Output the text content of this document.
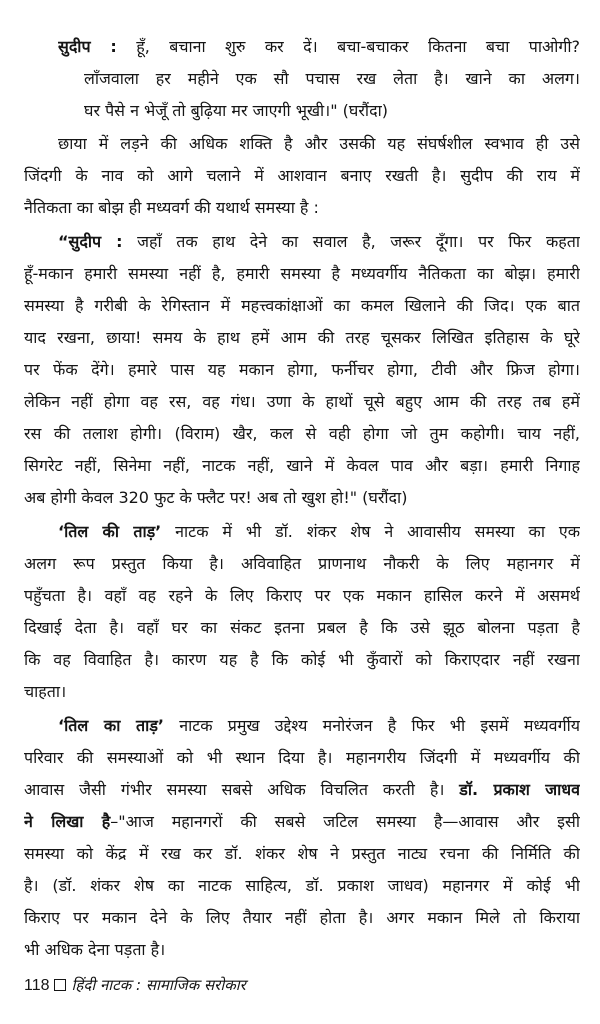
सुदीप : हूँ, बचाना शुरु कर दें। बचा-बचाकर कितना बचा पाओगी?
लाँजवाला हर महीने एक सौ पचास रख लेता है। खाने का अलग।
घर पैसे न भेजूँ तो बुढ़िया मर जाएगी भूखी।" (घरौंदा)
छाया में लड़ने की अधिक शक्ति है और उसकी यह संघर्षशील स्वभाव ही उसे
जिंदगी के नाव को आगे चलाने में आशवान बनाए रखती है। सुदीप की राय में
नैतिकता का बोझ ही मध्यवर्ग की यथार्थ समस्या है :
“सुदीप : जहाँ तक हाथ देने का सवाल है, जरूर दूँगा। पर फिर कहता
हूँ-मकान हमारी समस्या नहीं है, हमारी समस्या है मध्यवर्गीय नैतिकता का बोझ। हमारी
समस्या है गरीबी के रेगिस्तान में महत्त्वकांक्षाओं का कमल खिलाने की जिद। एक बात
याद रखना, छाया! समय के हाथ हमें आम की तरह चूसकर लिखित इतिहास के घूरे
पर फेंक देंगे। हमारे पास यह मकान होगा, फर्नीचर होगा, टीवी और फ्रिज होगा।
लेकिन नहीं होगा वह रस, वह गंध। उणा के हाथों चूसे बहुए आम की तरह तब हमें
रस की तलाश होगी। (विराम) खैर, कल से वही होगा जो तुम कहोगी। चाय नहीं,
सिगरेट नहीं, सिनेमा नहीं, नाटक नहीं, खाने में केवल पाव और बड़ा। हमारी निगाह
अब होगी केवल 320 फुट के फ्लैट पर! अब तो खुश हो!" (घरौंदा)
‘तिल की ताड़’ नाटक में भी डॉ. शंकर शेष ने आवासीय समस्या का एक
अलग रूप प्रस्तुत किया है। अविवाहित प्राणनाथ नौकरी के लिए महानगर में
पहुँचता है। वहाँ वह रहने के लिए किराए पर एक मकान हासिल करने में असमर्थ
दिखाई देता है। वहाँ घर का संकट इतना प्रबल है कि उसे झूठ बोलना पड़ता है
कि वह विवाहित है। कारण यह है कि कोई भी कुँवारों को किराएदार नहीं रखना
चाहता।
‘तिल का ताड़’ नाटक प्रमुख उद्देश्य मनोरंजन है फिर भी इसमें मध्यवर्गीय
परिवार की समस्याओं को भी स्थान दिया है। महानगरीय जिंदगी में मध्यवर्गीय की
आवास जैसी गंभीर समस्या सबसे अधिक विचलित करती है। डॉ. प्रकाश जाधव
ने लिखा है–"आज महानगरों की सबसे जटिल समस्या है—आवास और इसी
समस्या को केंद्र में रख कर डॉ. शंकर शेष ने प्रस्तुत नाट्य रचना की निर्मिति की
है। (डॉ. शंकर शेष का नाटक साहित्य, डॉ. प्रकाश जाधव) महानगर में कोई भी
किराए पर मकान देने के लिए तैयार नहीं होता है। अगर मकान मिले तो किराया
भी अधिक देना पड़ता है।
118 हिंदी नाटक : सामाजिक सरोकार
